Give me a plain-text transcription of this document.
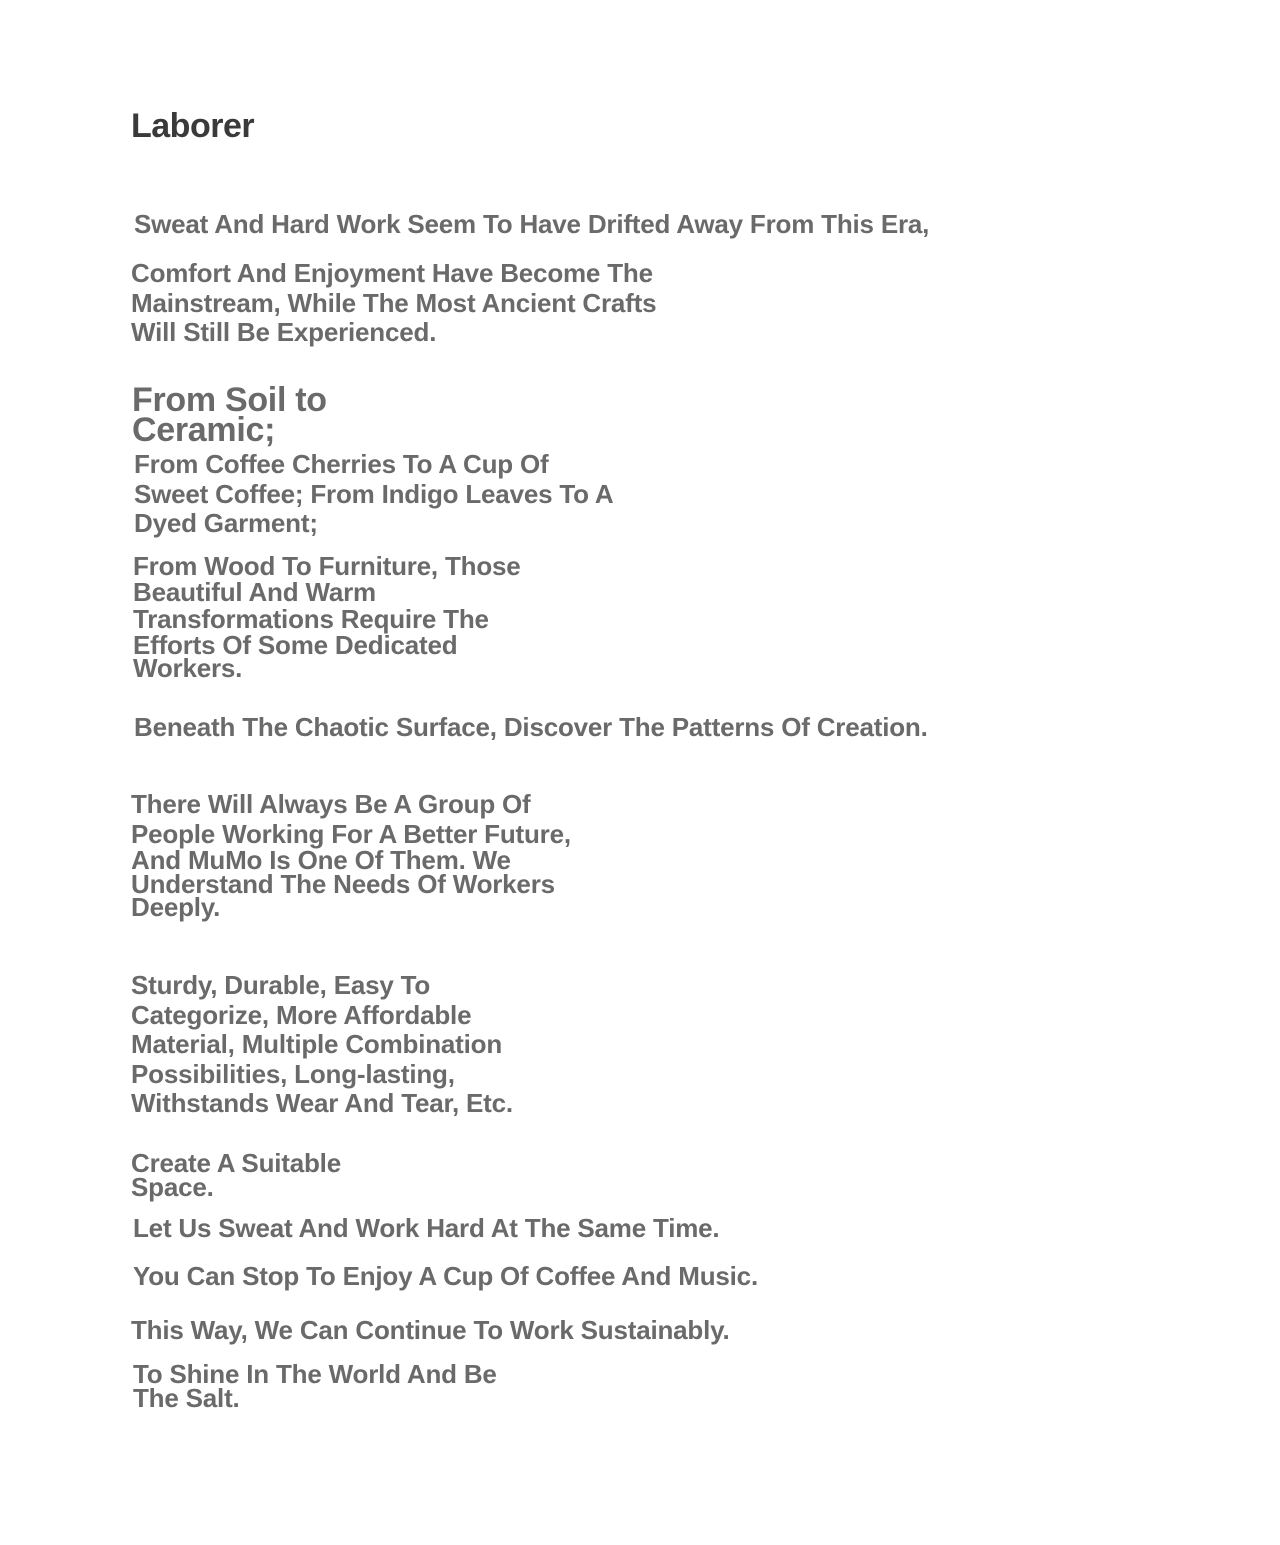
Laborer
Sweat And Hard Work Seem To Have Drifted Away From This Era,
Comfort And Enjoyment Have Become The
Mainstream, While The Most Ancient Crafts
Will Still Be Experienced.
From Soil to
Ceramic;
From Coffee Cherries To A Cup Of
Sweet Coffee; From Indigo Leaves To A
Dyed Garment;
From Wood To Furniture, Those
Beautiful And Warm
Transformations Require The
Efforts Of Some Dedicated
Workers.
Beneath The Chaotic Surface, Discover The Patterns Of Creation.
There Will Always Be A Group Of
People Working For A Better Future,
And MuMo Is One Of Them. We
Understand The Needs Of Workers
Deeply.
Sturdy, Durable, Easy To
Categorize, More Affordable
Material, Multiple Combination
Possibilities, Long-lasting,
Withstands Wear And Tear, Etc.
Create A Suitable
Space.
Let Us Sweat And Work Hard At The Same Time.
You Can Stop To Enjoy A Cup Of Coffee And Music.
This Way, We Can Continue To Work Sustainably.
To Shine In The World And Be
The Salt.
